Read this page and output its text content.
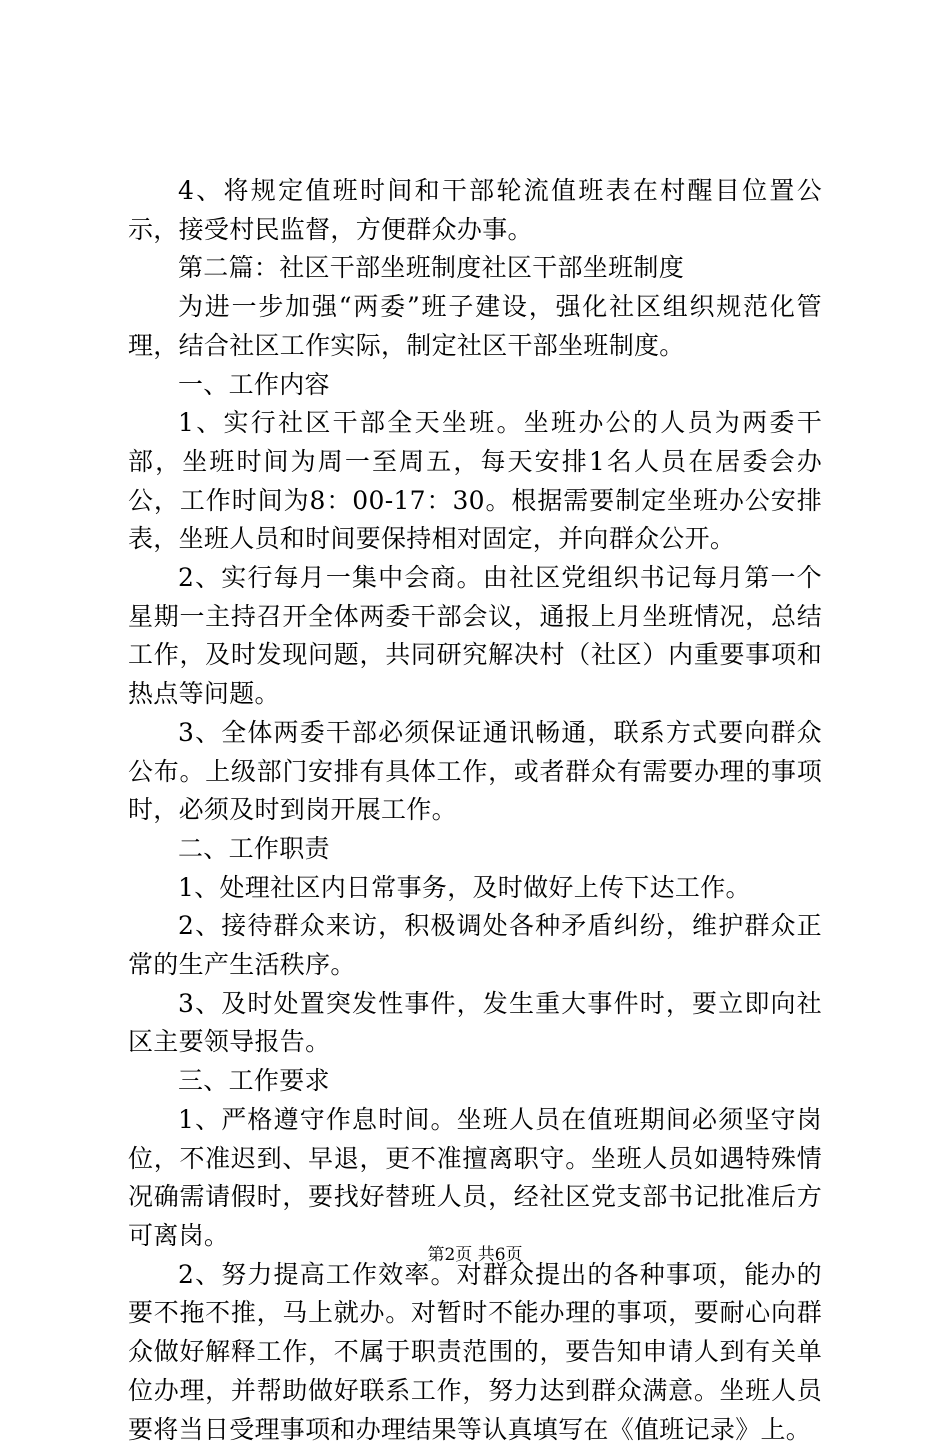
4、将规定值班时间和干部轮流值班表在村醒目位置公示，接受村民监督，方便群众办事。

第二篇：社区干部坐班制度社区干部坐班制度

为进一步加强“两委”班子建设，强化社区组织规范化管理，结合社区工作实际，制定社区干部坐班制度。

一、工作内容

1、实行社区干部全天坐班。坐班办公的人员为两委干部，坐班时间为周一至周五，每天安排1名人员在居委会办公，工作时间为8：00-17：30。根据需要制定坐班办公安排表，坐班人员和时间要保持相对固定，并向群众公开。

2、实行每月一集中会商。由社区党组织书记每月第一个星期一主持召开全体两委干部会议，通报上月坐班情况，总结工作，及时发现问题，共同研究解决村（社区）内重要事项和热点等问题。

3、全体两委干部必须保证通讯畅通，联系方式要向群众公布。上级部门安排有具体工作，或者群众有需要办理的事项时，必须及时到岗开展工作。

二、工作职责

1、处理社区内日常事务，及时做好上传下达工作。

2、接待群众来访，积极调处各种矛盾纠纷，维护群众正常的生产生活秩序。

3、及时处置突发性事件，发生重大事件时，要立即向社区主要领导报告。

三、工作要求

1、严格遵守作息时间。坐班人员在值班期间必须坚守岗位，不准迟到、早退，更不准擅离职守。坐班人员如遇特殊情况确需请假时，要找好替班人员，经社区党支部书记批准后方可离岗。

2、努力提高工作效率。对群众提出的各种事项，能办的要不拖不推，马上就办。对暂时不能办理的事项，要耐心向群众做好解释工作，不属于职责范围的，要告知申请人到有关单位办理，并帮助做好联系工作，努力达到群众满意。坐班人员要将当日受理事项和办理结果等认真填写在《值班记录》上。

第2页 共6页
